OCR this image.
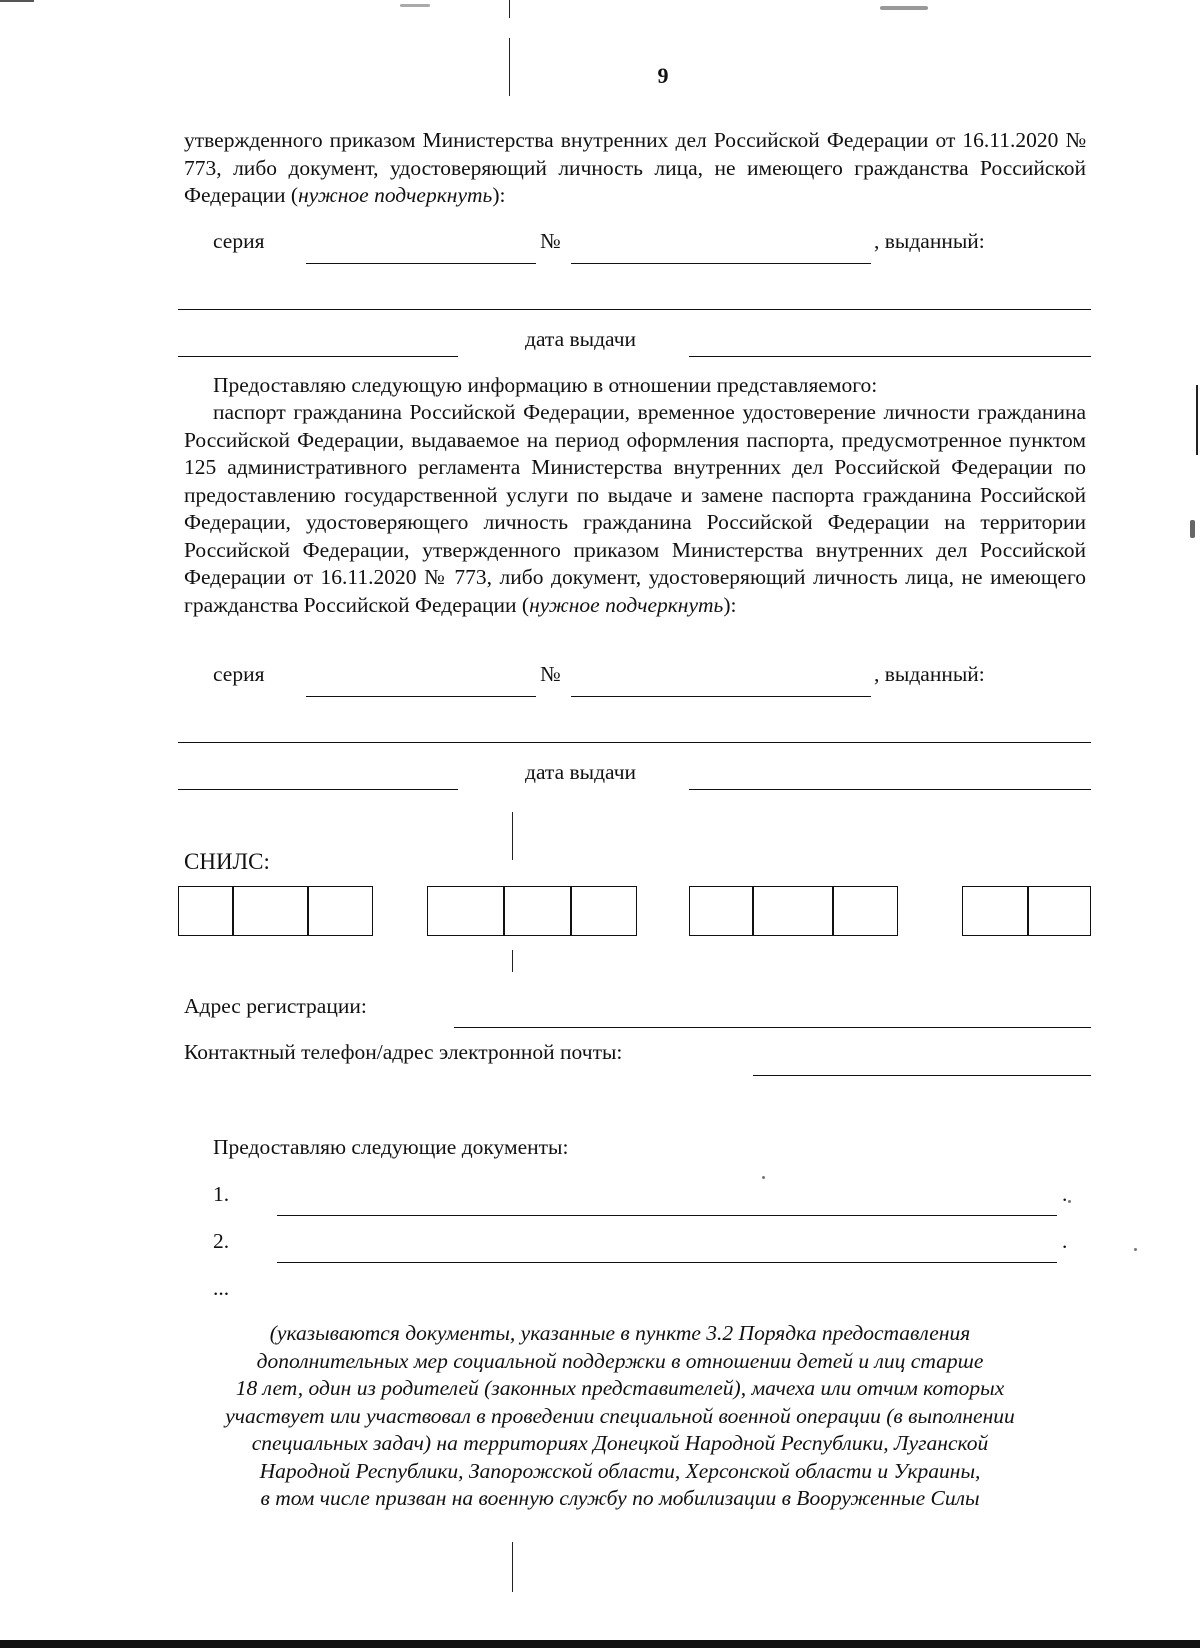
9
утвержденного приказом Министерства внутренних дел Российской Федерации от 16.11.2020 № 773, либо документ, удостоверяющий личность лица, не имеющего гражданства Российской Федерации (нужное подчеркнуть):
серия	№	, выданный:
дата выдачи
Предоставляю следующую информацию в отношении представляемого:
паспорт гражданина Российской Федерации, временное удостоверение личности гражданина Российской Федерации, выдаваемое на период оформления паспорта, предусмотренное пунктом 125 административного регламента Министерства внутренних дел Российской Федерации по предоставлению государственной услуги по выдаче и замене паспорта гражданина Российской Федерации, удостоверяющего личность гражданина Российской Федерации на территории Российской Федерации, утвержденного приказом Министерства внутренних дел Российской Федерации от 16.11.2020 № 773, либо документ, удостоверяющий личность лица, не имеющего гражданства Российской Федерации (нужное подчеркнуть):
серия	№	, выданный:
дата выдачи
СНИЛС:
Адрес регистрации:
Контактный телефон/адрес электронной почты:
Предоставляю следующие документы:
1.	.
2.	.
...
(указываются документы, указанные в пункте 3.2 Порядка предоставления
дополнительных мер социальной поддержки в отношении детей и лиц старше
18 лет, один из родителей (законных представителей), мачеха или отчим которых
участвует или участвовал в проведении специальной военной операции (в выполнении
специальных задач) на территориях Донецкой Народной Республики, Луганской
Народной Республики, Запорожской области, Херсонской области и Украины,
в том числе призван на военную службу по мобилизации в Вооруженные Силы
